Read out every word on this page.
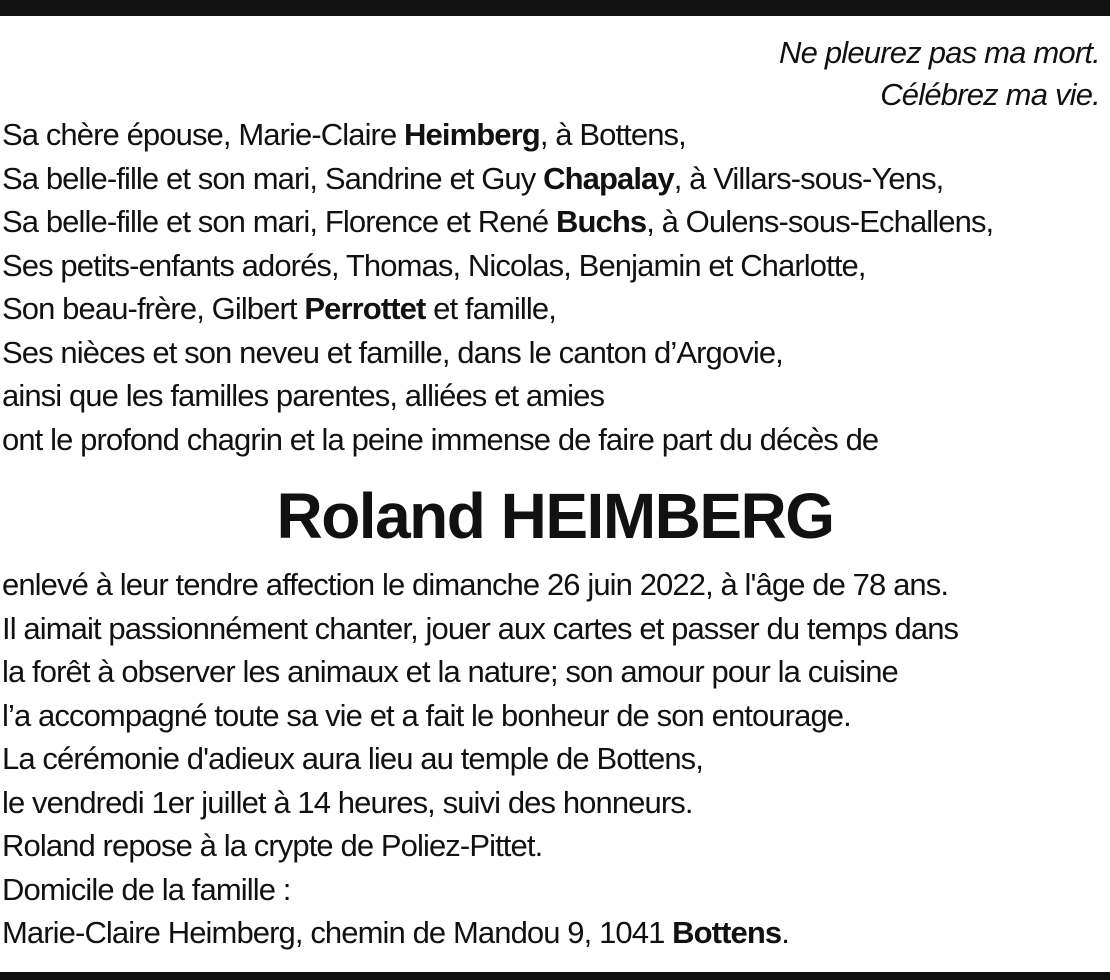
Ne pleurez pas ma mort.
Célébrez ma vie.
Sa chère épouse, Marie-Claire Heimberg, à Bottens,
Sa belle-fille et son mari, Sandrine et Guy Chapalay, à Villars-sous-Yens,
Sa belle-fille et son mari, Florence et René Buchs, à Oulens-sous-Echallens,
Ses petits-enfants adorés, Thomas, Nicolas, Benjamin et Charlotte,
Son beau-frère, Gilbert Perrottet et famille,
Ses nièces et son neveu et famille, dans le canton d’Argovie,
ainsi que les familles parentes, alliées et amies
ont le profond chagrin et la peine immense de faire part du décès de
Roland HEIMBERG
enlevé à leur tendre affection le dimanche 26 juin 2022, à l'âge de 78 ans.
Il aimait passionnément chanter, jouer aux cartes et passer du temps dans
la forêt à observer les animaux et la nature; son amour pour la cuisine
l’a accompagné toute sa vie et a fait le bonheur de son entourage.
La cérémonie d'adieux aura lieu au temple de Bottens,
le vendredi 1er juillet à 14 heures, suivi des honneurs.
Roland repose à la crypte de Poliez-Pittet.
Domicile de la famille :
Marie-Claire Heimberg, chemin de Mandou 9, 1041 Bottens.
